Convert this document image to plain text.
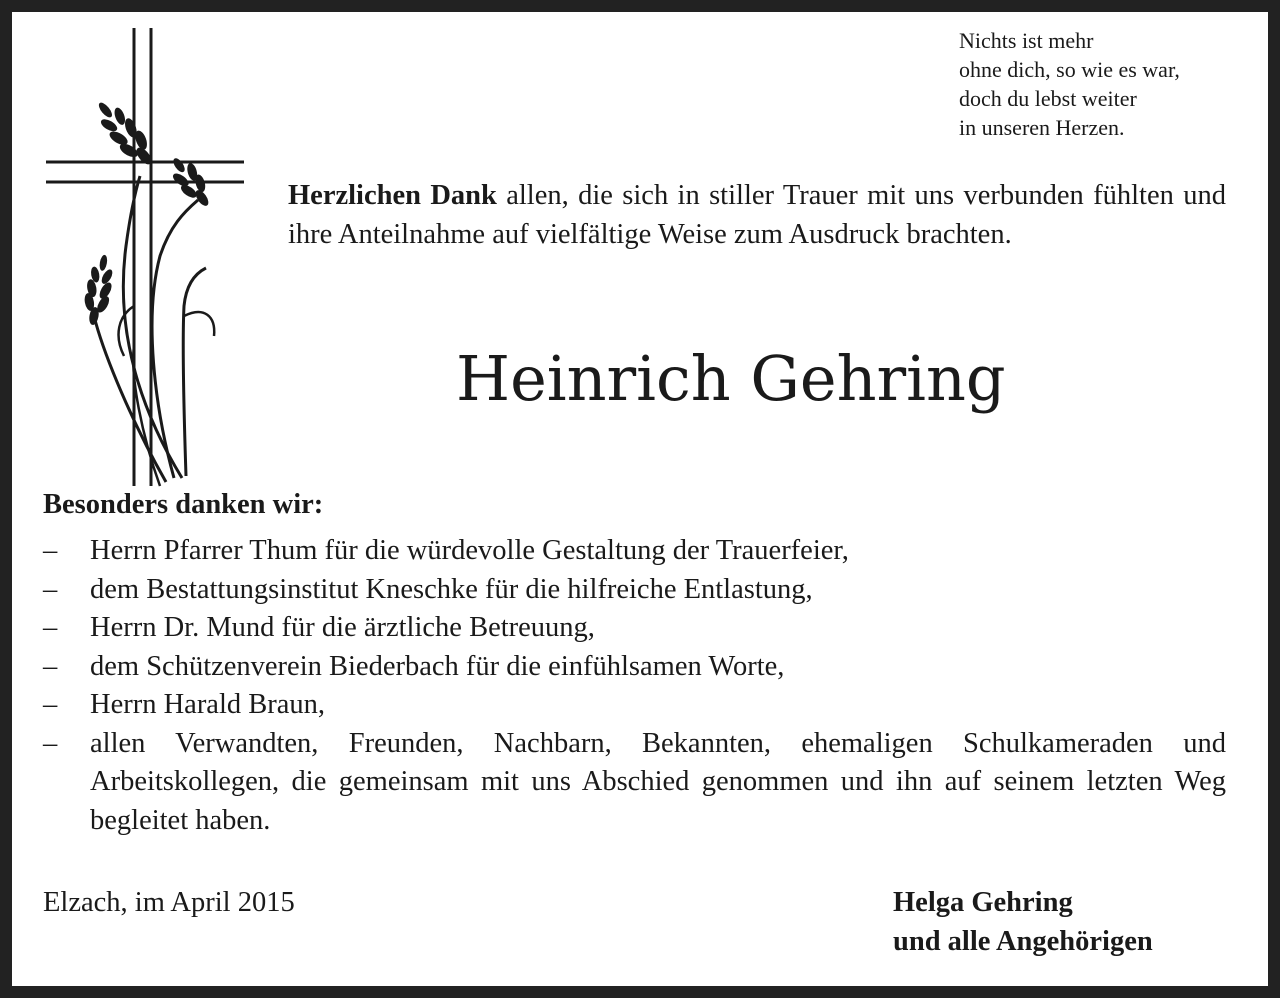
Nichts ist mehr
ohne dich, so wie es war,
doch du lebst weiter
in unseren Herzen.

Herzlichen Dank allen, die sich in stiller Trauer mit uns verbunden fühlten und ihre Anteilnahme auf vielfältige Weise zum Ausdruck brachten.

Heinrich Gehring
Besonders danken wir:
–	Herrn Pfarrer Thum für die würdevolle Gestaltung der Trauerfeier,
–	dem Bestattungsinstitut Kneschke für die hilfreiche Entlastung,
–	Herrn Dr. Mund für die ärztliche Betreuung,
–	dem Schützenverein Biederbach für die einfühlsamen Worte,
–	Herrn Harald Braun,
–	allen Verwandten, Freunden, Nachbarn, Bekannten, ehemaligen Schulkameraden und Arbeitskollegen, die gemeinsam mit uns Abschied genommen und ihn auf seinem letzten Weg begleitet haben.
Elzach, im April 2015	Helga Gehring
und alle Angehörigen
